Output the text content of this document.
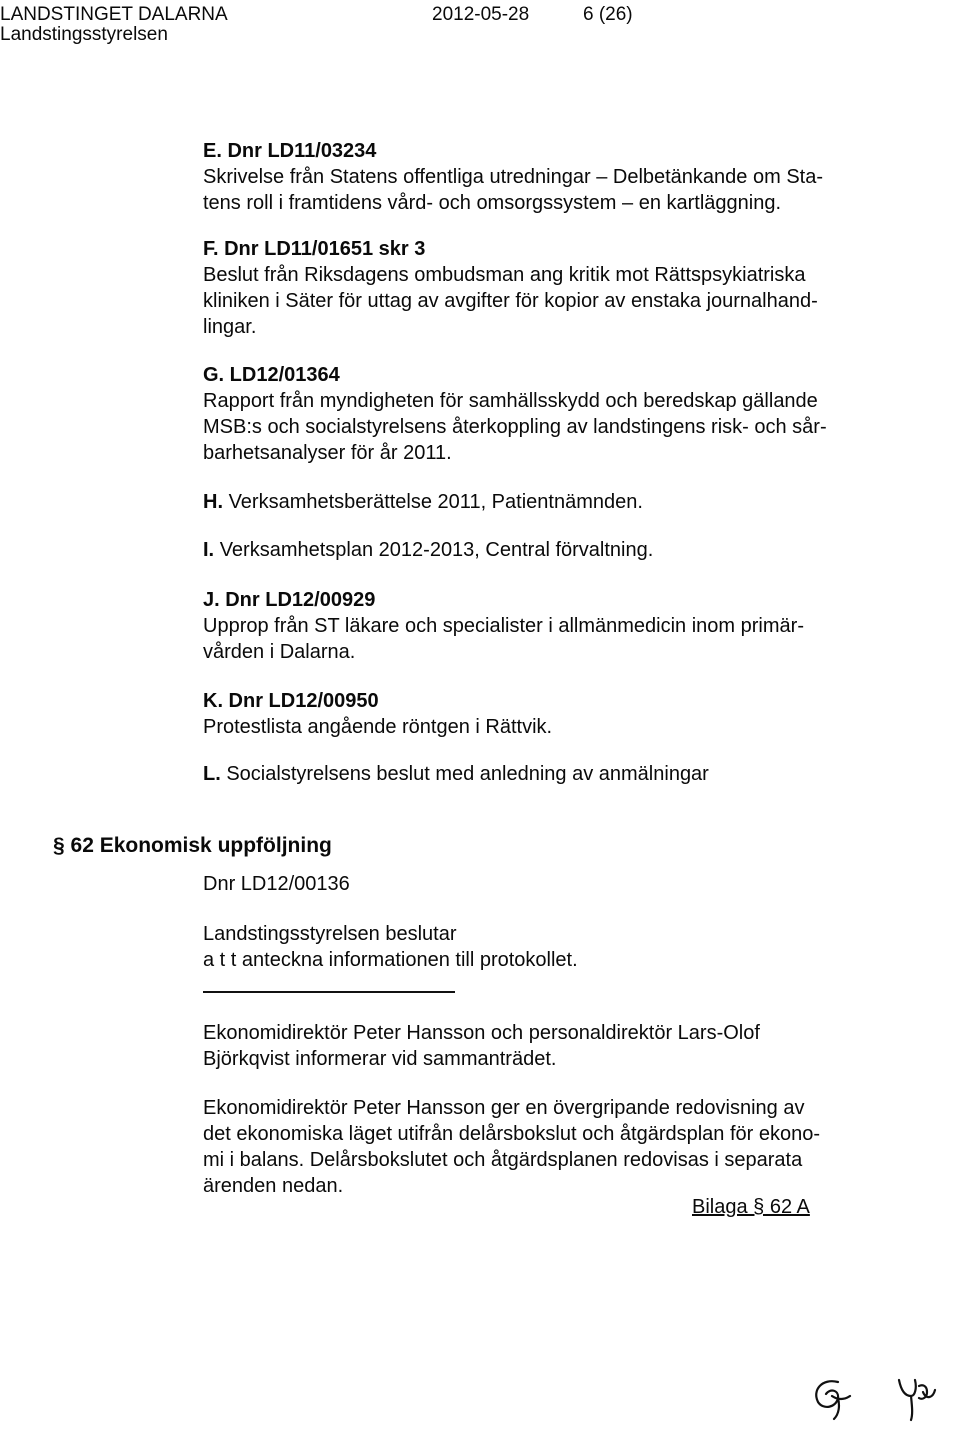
LANDSTINGET DALARNA	2012-05-28	6 (26)
Landstingsstyrelsen
E. Dnr LD11/03234
Skrivelse från Statens offentliga utredningar – Delbetänkande om Sta-
tens roll i framtidens vård- och omsorgssystem – en kartläggning.
F. Dnr LD11/01651 skr 3
Beslut från Riksdagens ombudsman ang kritik mot Rättspsykiatriska
kliniken i Säter för uttag av avgifter för kopior av enstaka journalhand-
lingar.
G. LD12/01364
Rapport från myndigheten för samhällsskydd och beredskap gällande
MSB:s och socialstyrelsens återkoppling av landstingens risk- och sår-
barhetsanalyser för år 2011.
H. Verksamhetsberättelse 2011, Patientnämnden.
I. Verksamhetsplan 2012-2013, Central förvaltning.
J. Dnr LD12/00929
Upprop från ST läkare och specialister i allmänmedicin inom primär-
vården i Dalarna.
K. Dnr LD12/00950
Protestlista angående röntgen i Rättvik.
L. Socialstyrelsens beslut med anledning av anmälningar
§ 62 Ekonomisk uppföljning
Dnr LD12/00136
Landstingsstyrelsen beslutar
a t t anteckna informationen till protokollet.
Ekonomidirektör Peter Hansson och personaldirektör Lars-Olof
Björkqvist informerar vid sammanträdet.
Ekonomidirektör Peter Hansson ger en övergripande redovisning av
det ekonomiska läget utifrån delårsbokslut och åtgärdsplan för ekono-
mi i balans. Delårsbokslutet och åtgärdsplanen redovisas i separata
ärenden nedan.
Bilaga § 62 A
